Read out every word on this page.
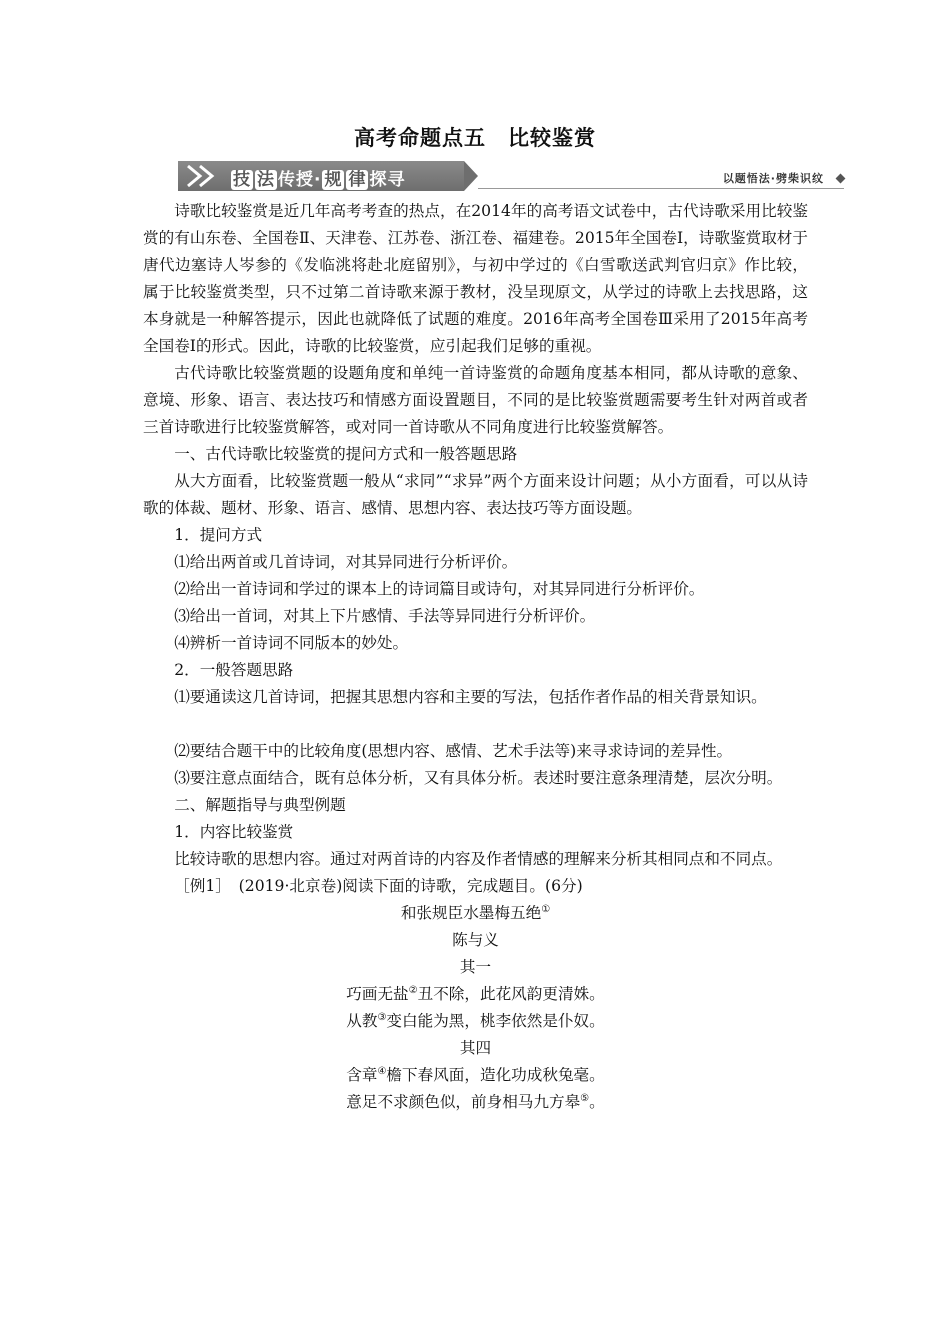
高考命题点五 比较鉴赏
技 法 传授· 规 律 探寻	以题悟法·劈柴识纹

诗歌比较鉴赏是近几年高考考查的热点，在2014年的高考语文试卷中，古代诗歌采用比较鉴赏的有山东卷、全国卷Ⅱ、天津卷、江苏卷、浙江卷、福建卷。2015年全国卷Ⅰ，诗歌鉴赏取材于唐代边塞诗人岑参的《发临洮将赴北庭留别》，与初中学过的《白雪歌送武判官归京》作比较， 属于比较鉴赏类型，只不过第二首诗歌来源于教材，没呈现原文，从学过的诗歌上去找思路，这本身就是一种解答提示，因此也就降低了试题的难度。2016年高考全国卷Ⅲ采用了2015年高考全国卷Ⅰ的形式。因此，诗歌的比较鉴赏，应引起我们足够的重视。

古代诗歌比较鉴赏题的设题角度和单纯一首诗鉴赏的命题角度基本相同，都从诗歌的意象、意境、形象、语言、表达技巧和情感方面设置题目，不同的是比较鉴赏题需要考生针对两首或者三首诗歌进行比较鉴赏解答，或对同一首诗歌从不同角度进行比较鉴赏解答。

一、古代诗歌比较鉴赏的提问方式和一般答题思路

从大方面看，比较鉴赏题一般从“求同”“求异”两个方面来设计问题；从小方面看，可以从诗歌的体裁、题材、形象、语言、感情、思想内容、表达技巧等方面设题。

1．提问方式

⑴给出两首或几首诗词，对其异同进行分析评价。

⑵给出一首诗词和学过的课本上的诗词篇目或诗句，对其异同进行分析评价。

⑶给出一首词，对其上下片感情、手法等异同进行分析评价。

⑷辨析一首诗词不同版本的妙处。

2．一般答题思路

⑴要通读这几首诗词，把握其思想内容和主要的写法，包括作者作品的相关背景知识。

⑵要结合题干中的比较角度(思想内容、感情、艺术手法等)来寻求诗词的差异性。

⑶要注意点面结合，既有总体分析，又有具体分析。表述时要注意条理清楚，层次分明。

二、解题指导与典型例题

1．内容比较鉴赏

比较诗歌的思想内容。通过对两首诗的内容及作者情感的理解来分析其相同点和不同点。

［例1］　(2019·北京卷)阅读下面的诗歌，完成题目。(6分)

和张规臣水墨梅五绝①

陈与义

其一

巧画无盐②丑不除，此花风韵更清姝。

从教③变白能为黑，桃李依然是仆奴。

其四

含章④檐下春风面，造化功成秋兔毫。

意足不求颜色似，前身相马九方皋⑤。
